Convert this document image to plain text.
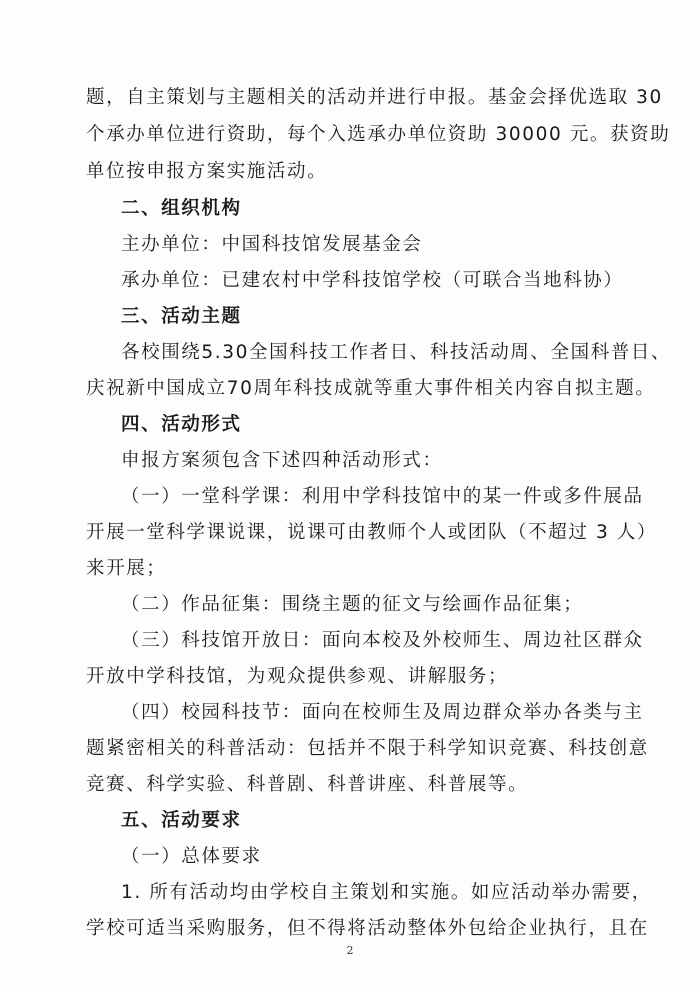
题，自主策划与主题相关的活动并进行申报。基金会择优选取 30
个承办单位进行资助，每个入选承办单位资助 30000 元。获资助
单位按申报方案实施活动。
二、组织机构
主办单位：中国科技馆发展基金会
承办单位：已建农村中学科技馆学校（可联合当地科协）
三、活动主题
各校围绕5.30全国科技工作者日、科技活动周、全国科普日、
庆祝新中国成立70周年科技成就等重大事件相关内容自拟主题。
四、活动形式
申报方案须包含下述四种活动形式：
（一）一堂科学课：利用中学科技馆中的某一件或多件展品
开展一堂科学课说课，说课可由教师个人或团队（不超过 3 人）
来开展；
（二）作品征集：围绕主题的征文与绘画作品征集；
（三）科技馆开放日：面向本校及外校师生、周边社区群众
开放中学科技馆，为观众提供参观、讲解服务；
（四）校园科技节：面向在校师生及周边群众举办各类与主
题紧密相关的科普活动：包括并不限于科学知识竞赛、科技创意
竞赛、科学实验、科普剧、科普讲座、科普展等。
五、活动要求
（一）总体要求
1. 所有活动均由学校自主策划和实施。如应活动举办需要，
学校可适当采购服务，但不得将活动整体外包给企业执行，且在
2
